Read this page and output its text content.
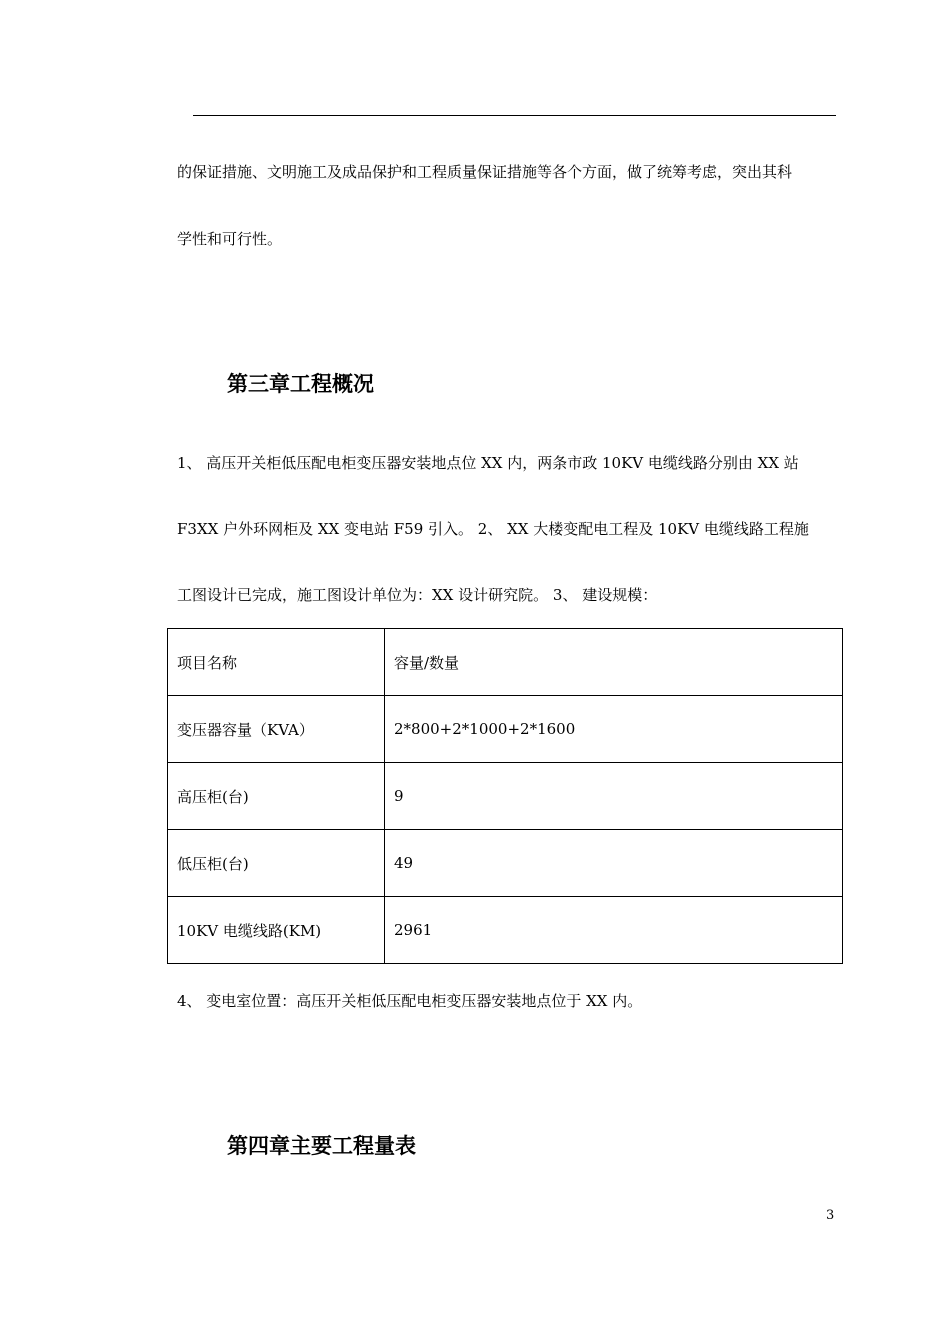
的保证措施、文明施工及成品保护和工程质量保证措施等各个方面，做了统筹考虑，突出其科

学性和可行性。

第三章工程概况

1、 高压开关柜低压配电柜变压器安装地点位 XX 内，两条市政 10KV 电缆线路分别由 XX 站

F3XX 户外环网柜及 XX 变电站 F59 引入。 2、 XX 大楼变配电工程及 10KV 电缆线路工程施

工图设计已完成，施工图设计单位为：XX 设计研究院。 3、 建设规模：

项目名称	容量/数量
变压器容量（KVA）	2*800+2*1000+2*1600
高压柜(台)	9
低压柜(台)	49
10KV 电缆线路(KM)	2961

4、 变电室位置：高压开关柜低压配电柜变压器安装地点位于 XX 内。

第四章主要工程量表
3
